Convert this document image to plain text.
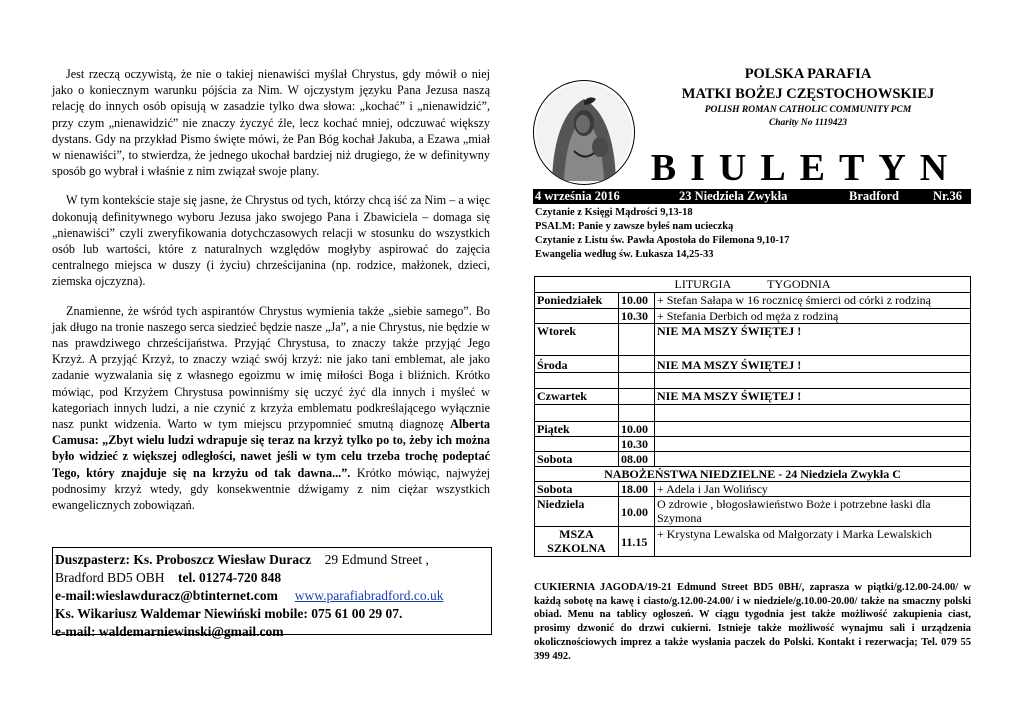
Jest rzeczą oczywistą, że nie o takiej nienawiści myślał Chrystus, gdy mówił o niej jako o koniecznym warunku pójścia za Nim. W ojczystym języku Pana Jezusa naszą relację do innych osób opisują w zasadzie tylko dwa słowa: „kochać” i „nienawidzić”, przy czym „nienawidzić” nie znaczy życzyć źle, lecz kochać mniej, odczuwać większy dystans. Gdy na przykład Pismo święte mówi, że Pan Bóg kochał Jakuba, a Ezawa „miał w nienawiści”, to stwierdza, że jednego ukochał bardziej niż drugiego, że w definitywny sposób go wybrał i właśnie z nim związał swoje plany.

W tym kontekście staje się jasne, że Chrystus od tych, którzy chcą iść za Nim – a więc dokonują definitywnego wyboru Jezusa jako swojego Pana i Zbawiciela – domaga się „nienawiści” czyli zweryfikowania dotychczasowych relacji w stosunku do wszystkich osób lub wartości, które z naturalnych względów mogłyby aspirować do zajęcia centralnego miejsca w duszy (i życiu) chrześcijanina (np. rodzice, małżonek, dzieci, ziemska ojczyzna).

Znamienne, że wśród tych aspirantów Chrystus wymienia także „siebie samego”. Bo jak długo na tronie naszego serca siedzieć będzie nasze „Ja”, a nie Chrystus, nie będzie w nas prawdziwego chrześcijaństwa. Przyjąć Chrystusa, to znaczy także przyjąć Jego Krzyż. A przyjąć Krzyż, to znaczy wziąć swój krzyż: nie jako tani emblemat, ale jako zadanie wyzwalania się z własnego egoizmu w imię miłości Boga i bliźnich. Krótko mówiąc, pod Krzyżem Chrystusa powinniśmy się uczyć żyć dla innych i myśleć w kategoriach innych ludzi, a nie czynić z krzyża emblematu podkreślającego wyłącznie nasz punkt widzenia. Warto w tym miejscu przypomnieć smutną diagnozę Alberta Camusa: „Zbyt wielu ludzi wdrapuje się teraz na krzyż tylko po to, żeby ich można było widzieć z większej odległości, nawet jeśli w tym celu trzeba trochę podeptać Tego, który znajduje się na krzyżu od tak dawna...”. Krótko mówiąc, najwyżej podnosimy krzyż wtedy, gdy konsekwentnie dźwigamy z nim ciężar wszystkich ewangelicznych zobowiązań.

Duszpasterz: Ks. Proboszcz Wiesław Duracz 29 Edmund Street ,
Bradford BD5 OBH tel. 01274-720 848
e-mail:wieslawduracz@btinternet.com www.parafiabradford.co.uk
Ks. Wikariusz Waldemar Niewiński mobile: 075 61 00 29 07.
e-mail: waldemarniewinski@gmail.com
POLSKA PARAFIA
MATKI BOŻEJ CZĘSTOCHOWSKIEJ
POLISH ROMAN CATHOLIC COMMUNITY PCM
Charity No 1119423
BIULETYN
4 września 2016	23 Niedziela Zwykła	Bradford	Nr.36
Czytanie z Księgi Mądrości 9,13-18
PSALM: Panie y zawsze byłeś nam ucieczką
Czytanie z Listu św. Pawła Apostoła do Filemona 9,10-17
Ewangelia według św. Łukasza 14,25-33
LITURGIA TYGODNIA		
Poniedziałek	10.00	+ Stefan Sałapa w 16 rocznicę śmierci od córki z rodziną
	10.30	+ Stefania Derbich od męża z rodziną
Wtorek		NIE MA MSZY ŚWIĘTEJ !
Środa		NIE MA MSZY ŚWIĘTEJ !

Czwartek		NIE MA MSZY ŚWIĘTEJ !

Piątek	10.00	
	10.30	
Sobota	08.00	
NABOŻEŃSTWA NIEDZIELNE - 24 Niedziela Zwykła C		
Sobota	18.00	+ Adela i Jan Wolińscy
Niedziela	10.00	O zdrowie , błogosławieństwo Boże i potrzebne łaski dla Szymona
MSZA SZKOLNA	11.15	+ Krystyna Lewalska od Małgorzaty i Marka Lewalskich
CUKIERNIA JAGODA/19-21 Edmund Street BD5 0BH/, zaprasza w piątki/g.12.00-24.00/ w każdą sobotę na kawę i ciasto/g.12.00-24.00/ i w niedziele/g.10.00-20.00/ także na smaczny polski obiad. Menu na tablicy ogłoszeń. W ciągu tygodnia jest także możliwość zakupienia ciast, prosimy dzwonić do drzwi cukierni. Istnieje także możliwość wynajmu sali i urządzenia okolicznościowych imprez a także wysłania paczek do Polski. Kontakt i rezerwacja; Tel. 079 55 399 492.
